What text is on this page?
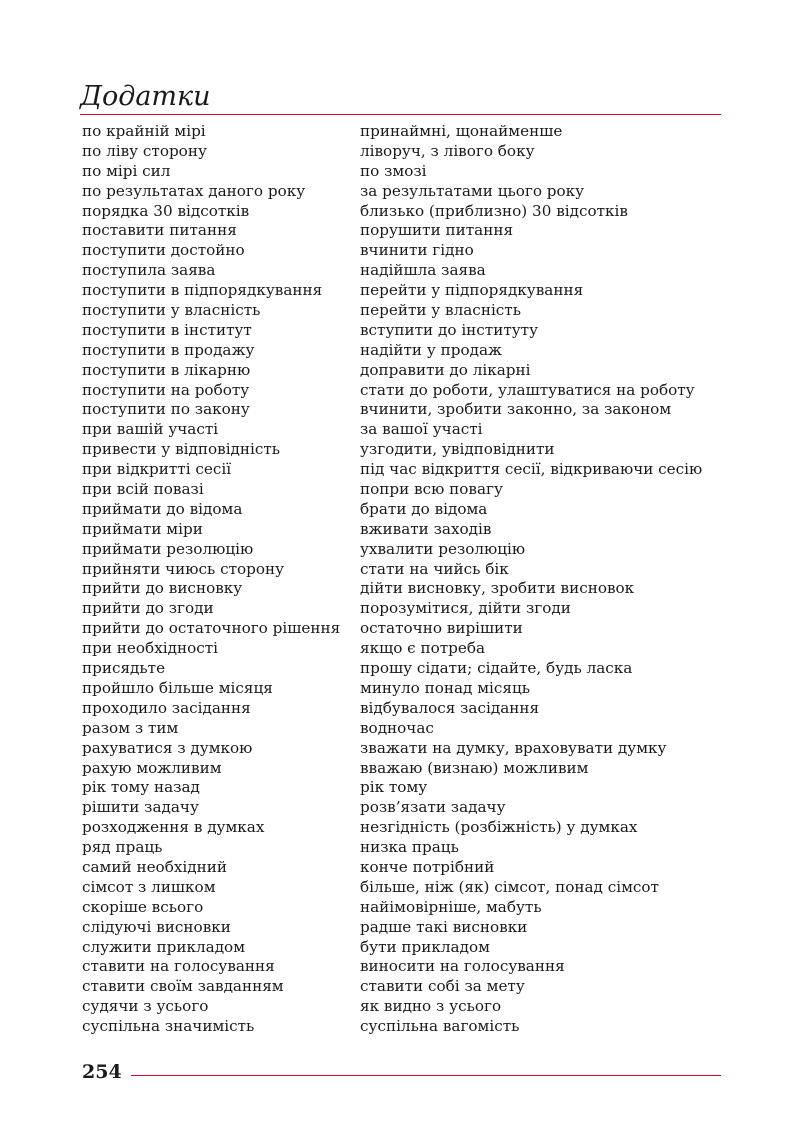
Додатки
по крайній мірі	принаймні, щонайменше
по ліву сторону	ліворуч, з лівого боку
по мірі сил	по змозі
по результатах даного року	за результатами цього року
порядка 30 відсотків	близько (приблизно) 30 відсотків
поставити питання	порушити питання
поступити достойно	вчинити гідно
поступила заява	надійшла заява
поступити в підпорядкування	перейти у підпорядкування
поступити у власність	перейти у власність
поступити в інститут	вступити до інституту
поступити в продажу	надійти у продаж
поступити в лікарню	доправити до лікарні
поступити на роботу	стати до роботи, улаштуватися на роботу
поступити по закону	вчинити, зробити законно, за законом
при вашій участі	за вашої участі
привести у відповідність	узгодити, увідповіднити
при відкритті сесії	під час відкриття сесії, відкриваючи сесію
при всій повазі	попри всю повагу
приймати до відома	брати до відома
приймати міри	вживати заходів
приймати резолюцію	ухвалити резолюцію
прийняти чиюсь сторону	стати на чийсь бік
прийти до висновку	дійти висновку, зробити висновок
прийти до згоди	порозумітися, дійти згоди
прийти до остаточного рішення	остаточно вирішити
при необхідності	якщо є потреба
присядьте	прошу сідати; сідайте, будь ласка
пройшло більше місяця	минуло понад місяць
проходило засідання	відбувалося засідання
разом з тим	водночас
рахуватися з думкою	зважати на думку, враховувати думку
рахую можливим	вважаю (визнаю) можливим
рік тому назад	рік тому
рішити задачу	розв’язати задачу
розходження в думках	незгідність (розбіжність) у думках
ряд праць	низка праць
самий необхідний	конче потрібний
сімсот з лишком	більше, ніж (як) сімсот, понад сімсот
скоріше всього	найімовірніше, мабуть
слідуючі висновки	радше такі висновки
служити прикладом	бути прикладом
ставити на голосування	виносити на голосування
ставити своїм завданням	ставити собі за мету
судячи з усього	як видно з усього
суспільна значимість	суспільна вагомість
254
